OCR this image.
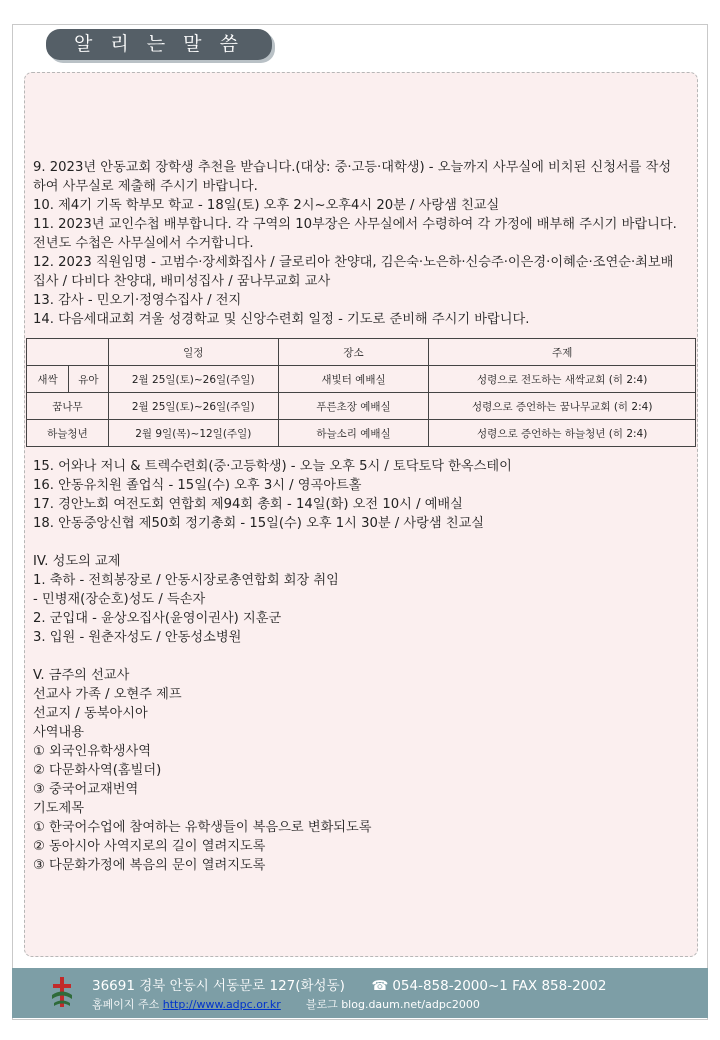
알 리 는 말 씀
9. 2023년 안동교회 장학생 추천을 받습니다.(대상: 중·고등·대학생) - 오늘까지 사무실에 비치된 신청서를 작성하여 사무실로 제출해 주시기 바랍니다.
10. 제4기 기독 학부모 학교 - 18일(토) 오후 2시~오후4시 20분 / 사랑샘 친교실
11. 2023년 교인수첩 배부합니다. 각 구역의 10부장은 사무실에서 수령하여 각 가정에 배부해 주시기 바랍니다. 전년도 수첩은 사무실에서 수거합니다.
12. 2023 직원임명 - 고범수·장세화집사 / 글로리아 찬양대, 김은숙·노은하·신승주·이은경·이혜순·조연순·최보배집사 / 다비다 찬양대, 배미성집사 / 꿈나무교회 교사
13. 감사 - 민오기·정영수집사 / 전지
14. 다음세대교회 겨울 성경학교 및 신앙수련회 일정 - 기도로 준비해 주시기 바랍니다.
		일정	장소	주제
새싹	유아	2월 25일(토)~26일(주일)	새빛터 예배실	성령으로 전도하는 새싹교회 (히 2:4)
꿈나무		2월 25일(토)~26일(주일)	푸른초장 예배실	성령으로 증언하는 꿈나무교회 (히 2:4)
하늘청년		2월 9일(목)~12일(주일)	하늘소리 예배실	성령으로 증언하는 하늘청년 (히 2:4)
15. 어와나 저니 & 트렉수련회(중·고등학생) - 오늘 오후 5시 / 토닥토닥 한옥스테이
16. 안동유치원 졸업식 - 15일(수) 오후 3시 / 영곡아트홀
17. 경안노회 여전도회 연합회 제94회 총회 - 14일(화) 오전 10시 / 예배실
18. 안동중앙신협 제50회 정기총회 - 15일(수) 오후 1시 30분 / 사랑샘 친교실
IV. 성도의 교제
1. 축하 - 전희봉장로 / 안동시장로총연합회 회장 취임
- 민병재(장순호)성도 / 득손자
2. 군입대 - 윤상오집사(윤영이권사) 지훈군
3. 입원 - 원춘자성도 / 안동성소병원
V. 금주의 선교사
선교사 가족 / 오현주 제프
선교지 / 동북아시아
사역내용
① 외국인유학생사역
② 다문화사역(홈빌더)
③ 중국어교재번역
기도제목
① 한국어수업에 참여하는 유학생들이 복음으로 변화되도록
② 동아시아 사역지로의 길이 열려지도록
③ 다문화가정에 복음의 문이 열려지도록
36691 경북 안동시 서동문로 127(화성동) ☎ 054-858-2000~1 FAX 858-2002
홈페이지 주소 http://www.adpc.or.kr 블로그 blog.daum.net/adpc2000
